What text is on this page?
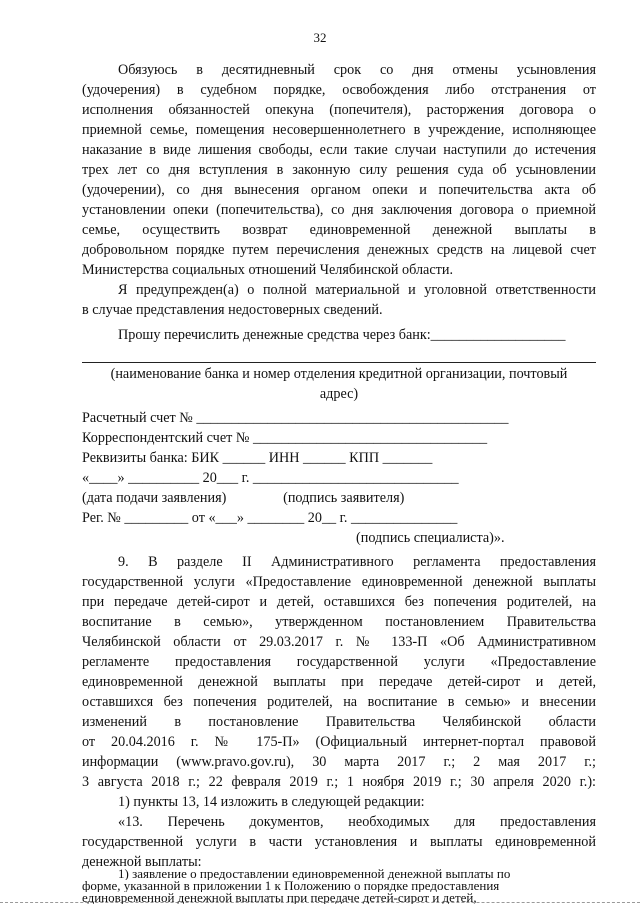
32
Обязуюсь в десятидневный срок со дня отмены усыновления
(удочерения) в судебном порядке, освобождения либо отстранения от
исполнения обязанностей опекуна (попечителя), расторжения договора о
приемной семье, помещения несовершеннолетнего в учреждение, исполняющее
наказание в виде лишения свободы, если такие случаи наступили до истечения
трех лет со дня вступления в законную силу решения суда об усыновлении
(удочерении), со дня вынесения органом опеки и попечительства акта об
установлении опеки (попечительства), со дня заключения договора о приемной
семье, осуществить возврат единовременной денежной выплаты в
добровольном порядке путем перечисления денежных средств на лицевой счет
Министерства социальных отношений Челябинской области.
Я предупрежден(а) о полной материальной и уголовной ответственности
в случае представления недостоверных сведений.
Прошу перечислить денежные средства через банк:___________________
(наименование банка и номер отделения кредитной организации, почтовый
адрес)
Расчетный счет № ____________________________________________
Корреспондентский счет № _________________________________
Реквизиты банка: БИК ______ ИНН ______ КПП _______
«____» __________ 20___ г. _____________________________
(дата подачи заявления)                (подпись заявителя)
Рег. № _________ от «___» ________ 20__ г. _______________
(подпись специалиста)».
9. В разделе II Административного регламента предоставления
государственной услуги «Предоставление единовременной денежной выплаты
при передаче детей-сирот и детей, оставшихся без попечения родителей, на
воспитание в семью», утвержденном постановлением Правительства
Челябинской области от 29.03.2017 г. № 133-П «Об Административном
регламенте предоставления государственной услуги «Предоставление
единовременной денежной выплаты при передаче детей-сирот и детей,
оставшихся без попечения родителей, на воспитание в семью» и внесении
изменений в постановление Правительства Челябинской области
от 20.04.2016 г. № 175-П» (Официальный интернет-портал правовой
информации (www.pravo.gov.ru), 30 марта 2017 г.; 2 мая 2017 г.;
3 августа 2018 г.; 22 февраля 2019 г.; 1 ноября 2019 г.; 30 апреля 2020 г.):
1) пункты 13, 14 изложить в следующей редакции:
«13. Перечень документов, необходимых для предоставления
государственной услуги в части установления и выплаты единовременной
денежной выплаты:
1) заявление о предоставлении единовременной денежной выплаты по
форме, указанной в приложении 1 к Положению о порядке предоставления
единовременной денежной выплаты при передаче детей-сирот и детей,
